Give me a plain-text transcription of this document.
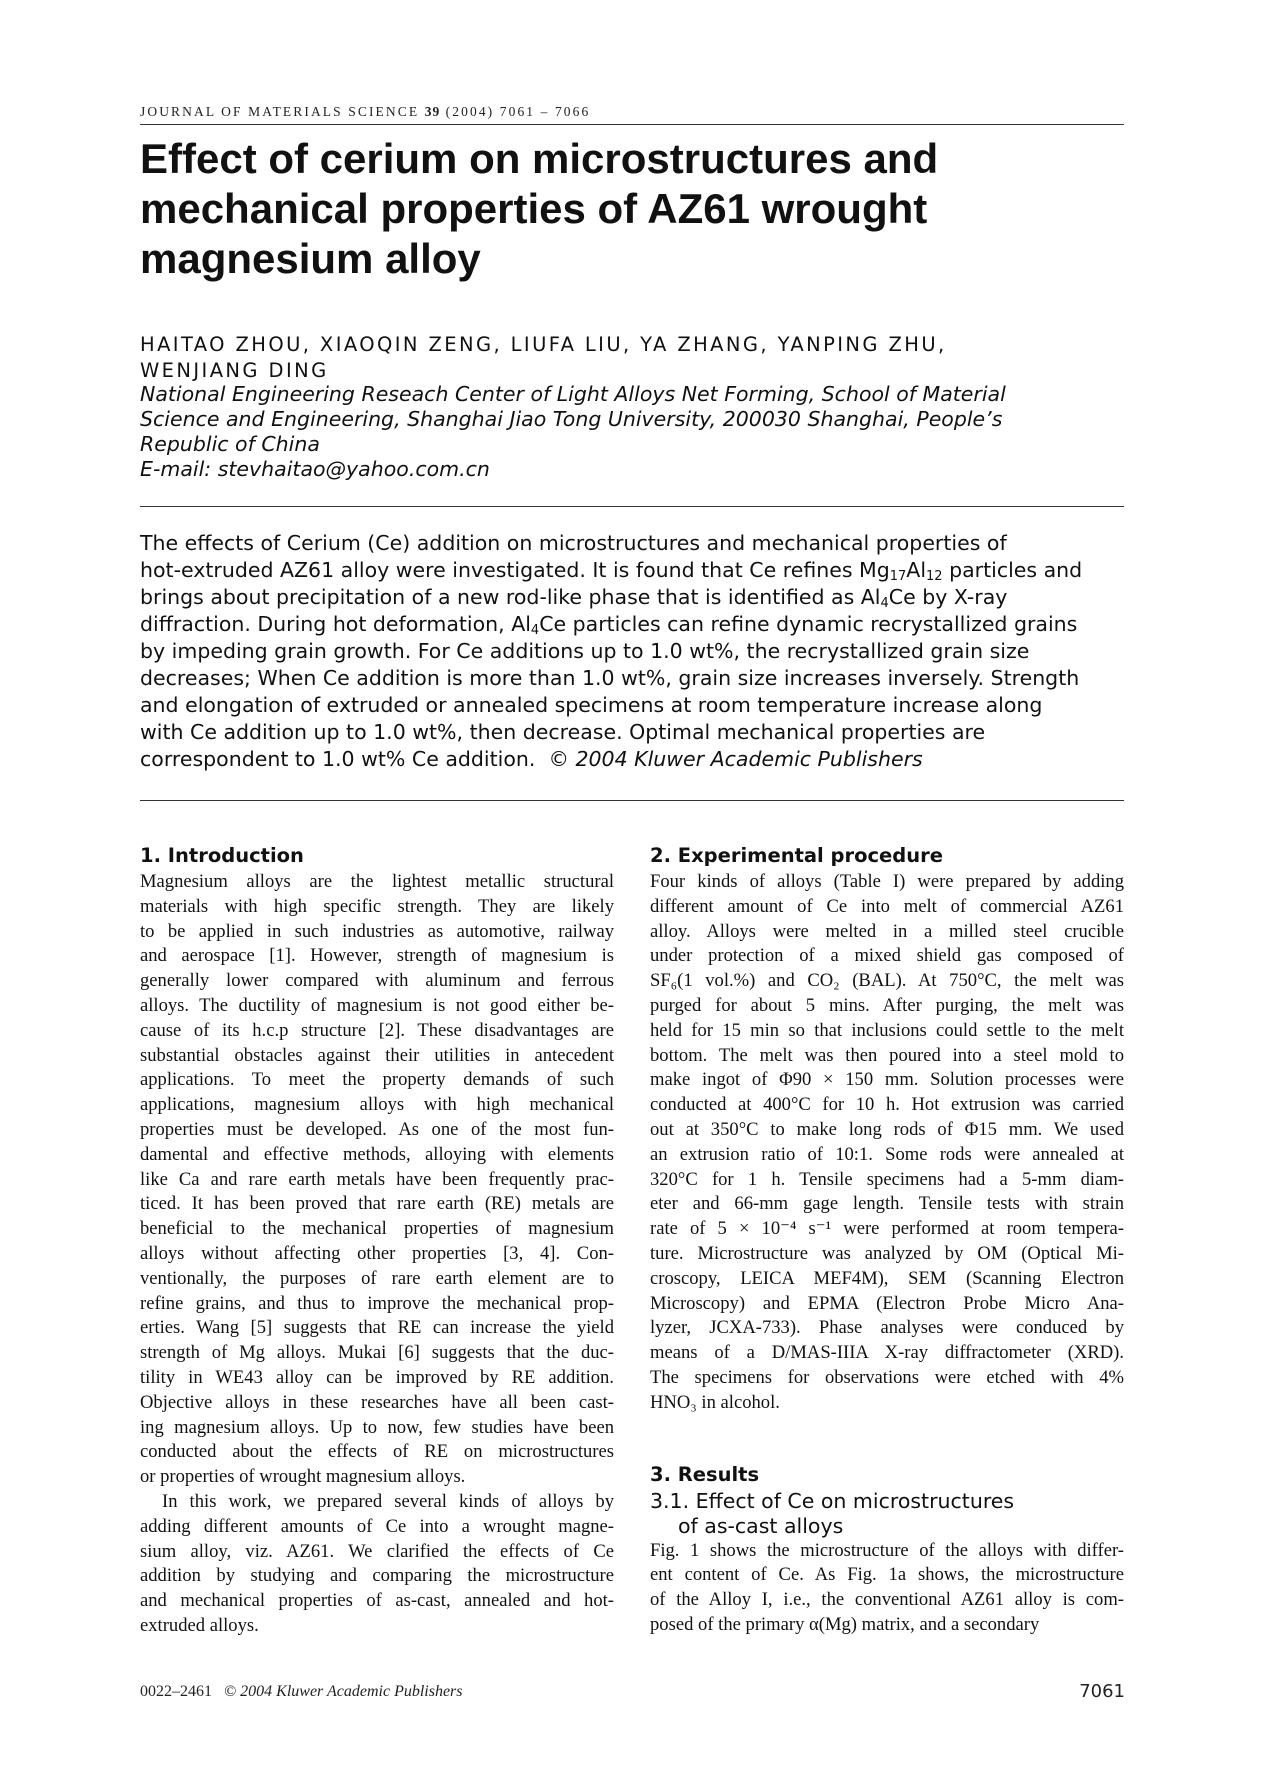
JOURNAL OF MATERIALS SCIENCE 39 (2004) 7061 – 7066
Effect of cerium on microstructures and
mechanical properties of AZ61 wrought
magnesium alloy
HAITAO ZHOU, XIAOQIN ZENG, LIUFA LIU, YA ZHANG, YANPING ZHU,
WENJIANG DING
National Engineering Reseach Center of Light Alloys Net Forming, School of Material
Science and Engineering, Shanghai Jiao Tong University, 200030 Shanghai, People’s
Republic of China
E-mail: stevhaitao@yahoo.com.cn
The effects of Cerium (Ce) addition on microstructures and mechanical properties of
hot-extruded AZ61 alloy were investigated. It is found that Ce refines $Mg_{17}Al_{12}$ particles and
brings about precipitation of a new rod-like phase that is identified as $Al_4Ce$ by X-ray
diffraction. During hot deformation, $Al_4Ce$ particles can refine dynamic recrystallized grains
by impeding grain growth. For Ce additions up to 1.0 wt%, the recrystallized grain size
decreases; When Ce addition is more than 1.0 wt%, grain size increases inversely. Strength
and elongation of extruded or annealed specimens at room temperature increase along
with Ce addition up to 1.0 wt%, then decrease. Optimal mechanical properties are
correspondent to 1.0 wt% Ce addition. © 2004 Kluwer Academic Publishers
1. Introduction
Magnesium alloys are the lightest metallic structural
materials with high specific strength. They are likely
to be applied in such industries as automotive, railway
and aerospace [1]. However, strength of magnesium is
generally lower compared with aluminum and ferrous
alloys. The ductility of magnesium is not good either be-
cause of its h.c.p structure [2]. These disadvantages are
substantial obstacles against their utilities in antecedent
applications. To meet the property demands of such
applications, magnesium alloys with high mechanical
properties must be developed. As one of the most fun-
damental and effective methods, alloying with elements
like Ca and rare earth metals have been frequently prac-
ticed. It has been proved that rare earth (RE) metals are
beneficial to the mechanical properties of magnesium
alloys without affecting other properties [3, 4]. Con-
ventionally, the purposes of rare earth element are to
refine grains, and thus to improve the mechanical prop-
erties. Wang [5] suggests that RE can increase the yield
strength of Mg alloys. Mukai [6] suggests that the duc-
tility in WE43 alloy can be improved by RE addition.
Objective alloys in these researches have all been cast-
ing magnesium alloys. Up to now, few studies have been
conducted about the effects of RE on microstructures
or properties of wrought magnesium alloys.
In this work, we prepared several kinds of alloys by
adding different amounts of Ce into a wrought magne-
sium alloy, viz. AZ61. We clarified the effects of Ce
addition by studying and comparing the microstructure
and mechanical properties of as-cast, annealed and hot-
extruded alloys.
2. Experimental procedure
Four kinds of alloys (Table I) were prepared by adding
different amount of Ce into melt of commercial AZ61
alloy. Alloys were melted in a milled steel crucible
under protection of a mixed shield gas composed of
SF₆(1 vol.%) and CO₂ (BAL). At 750°C, the melt was
purged for about 5 mins. After purging, the melt was
held for 15 min so that inclusions could settle to the melt
bottom. The melt was then poured into a steel mold to
make ingot of Φ90 × 150 mm. Solution processes were
conducted at 400°C for 10 h. Hot extrusion was carried
out at 350°C to make long rods of Φ15 mm. We used
an extrusion ratio of 10:1. Some rods were annealed at
320°C for 1 h. Tensile specimens had a 5-mm diam-
eter and 66-mm gage length. Tensile tests with strain
rate of 5 × 10⁻⁴ s⁻¹ were performed at room tempera-
ture. Microstructure was analyzed by OM (Optical Mi-
croscopy, LEICA MEF4M), SEM (Scanning Electron
Microscopy) and EPMA (Electron Probe Micro Ana-
lyzer, JCXA-733). Phase analyses were conduced by
means of a D/MAS-IIIA X-ray diffractometer (XRD).
The specimens for observations were etched with 4%
HNO₃ in alcohol.
3. Results
3.1. Effect of Ce on microstructures
of as-cast alloys
Fig. 1 shows the microstructure of the alloys with differ-
ent content of Ce. As Fig. 1a shows, the microstructure
of the Alloy I, i.e., the conventional AZ61 alloy is com-
posed of the primary α(Mg) matrix, and a secondary
0022–2461 © 2004 Kluwer Academic Publishers	7061
